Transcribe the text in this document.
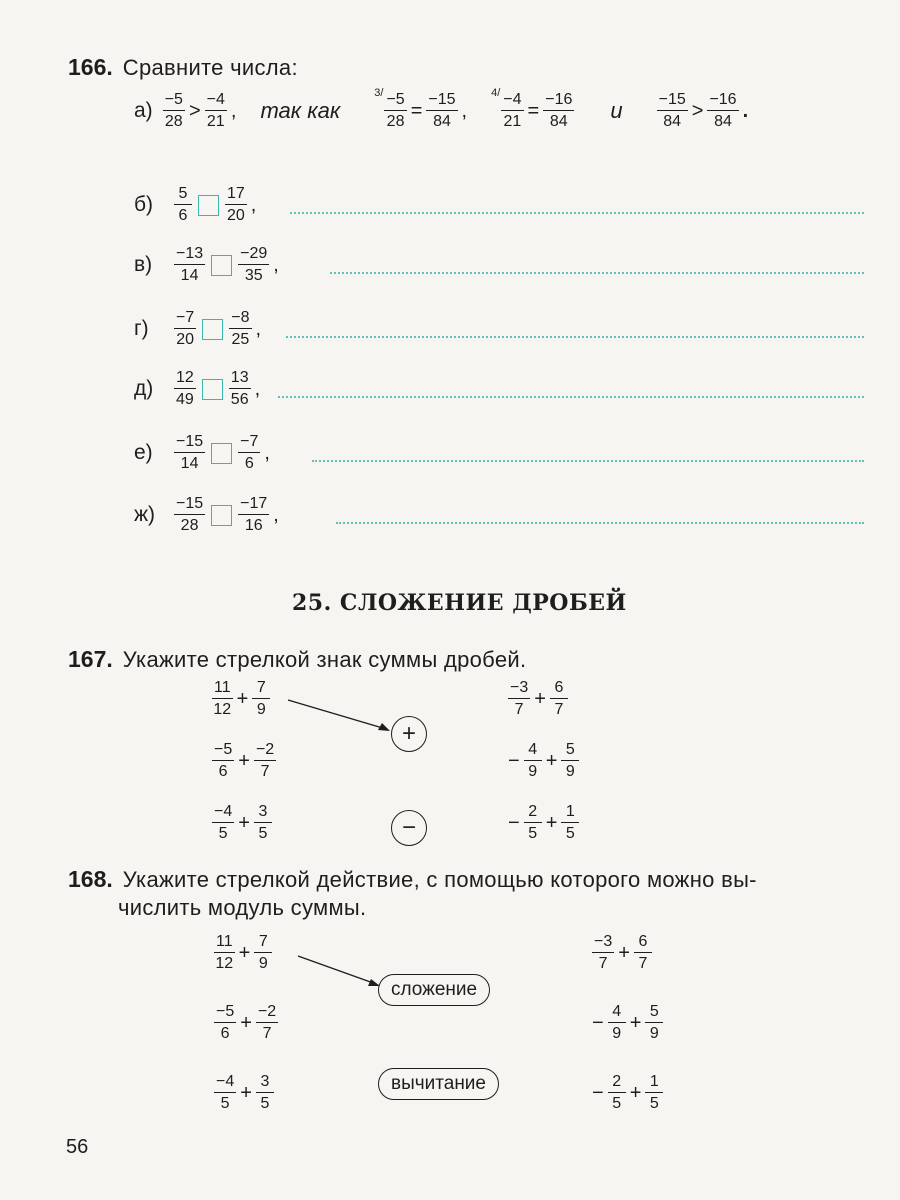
166. Сравните числа:
$а) \frac{-5}{28} > \frac{-4}{21}$ , так как
$3/ \frac{-5}{28} = \frac{-15}{84}$ ,
$4/ \frac{-4}{21} = \frac{-16}{84}$ и $\frac{-15}{84} > \frac{-16}{84}$ .
б)	$\frac{5}{6} \frac{17}{20}$ ,
в)	$\frac{-13}{14} \frac{-29}{35}$ ,
г)	$\frac{-7}{20} \frac{-8}{25}$ ,
д)	$\frac{12}{49} \frac{13}{56}$ ,
е)	$\frac{-15}{14} \frac{-7}{6}$ ,
ж)	$\frac{-15}{28} \frac{-17}{16}$ ,
25. СЛОЖЕНИЕ ДРОБЕЙ
167. Укажите стрелкой знак суммы дробей.
$\frac{11}{12} + \frac{7}{9}$
$\frac{-5}{6} + \frac{-2}{7}$
$\frac{-4}{5} + \frac{3}{5}$
$\frac{-3}{7} + \frac{6}{7}$
− $\frac{4}{9} + \frac{5}{9}$
− $\frac{2}{5} + \frac{1}{5}$
+
−
168. Укажите стрелкой действие, с помощью которого можно вы-
числить модуль суммы.
$\frac{11}{12} + \frac{7}{9}$
$\frac{-5}{6} + \frac{-2}{7}$
$\frac{-4}{5} + \frac{3}{5}$
$\frac{-3}{7} + \frac{6}{7}$
− $\frac{4}{9} + \frac{5}{9}$
− $\frac{2}{5} + \frac{1}{5}$
сложение
вычитание
56
